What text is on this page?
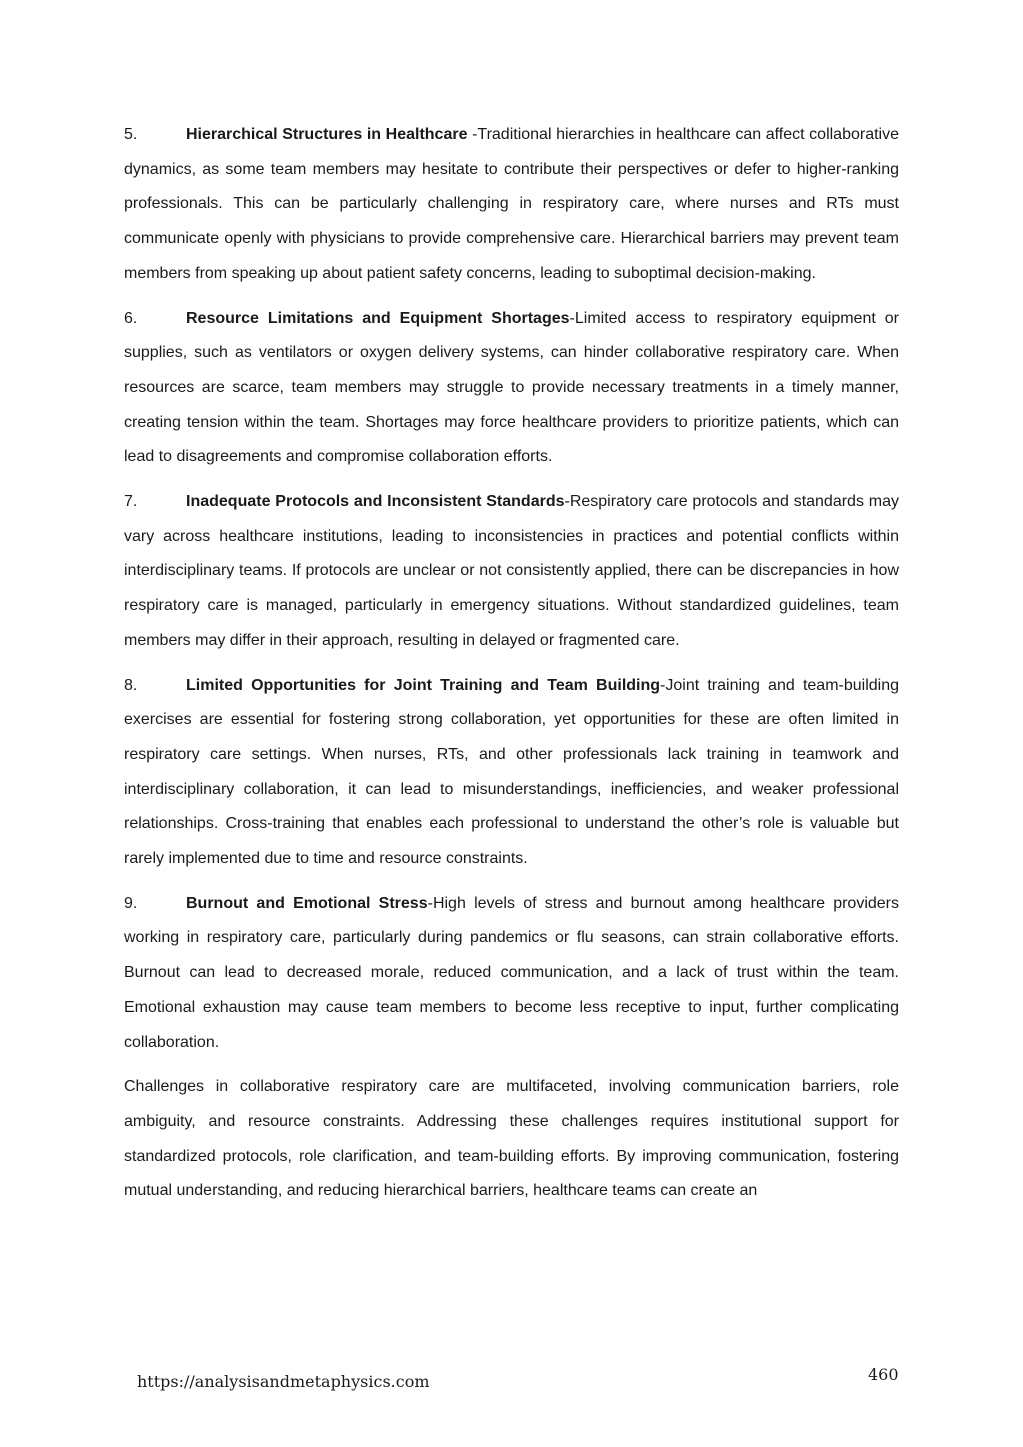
5.	Hierarchical Structures in Healthcare -Traditional hierarchies in healthcare can affect collaborative dynamics, as some team members may hesitate to contribute their perspectives or defer to higher-ranking professionals. This can be particularly challenging in respiratory care, where nurses and RTs must communicate openly with physicians to provide comprehensive care. Hierarchical barriers may prevent team members from speaking up about patient safety concerns, leading to suboptimal decision-making.

6.	Resource Limitations and Equipment Shortages-Limited access to respiratory equipment or supplies, such as ventilators or oxygen delivery systems, can hinder collaborative respiratory care. When resources are scarce, team members may struggle to provide necessary treatments in a timely manner, creating tension within the team. Shortages may force healthcare providers to prioritize patients, which can lead to disagreements and compromise collaboration efforts.

7.	Inadequate Protocols and Inconsistent Standards-Respiratory care protocols and standards may vary across healthcare institutions, leading to inconsistencies in practices and potential conflicts within interdisciplinary teams. If protocols are unclear or not consistently applied, there can be discrepancies in how respiratory care is managed, particularly in emergency situations. Without standardized guidelines, team members may differ in their approach, resulting in delayed or fragmented care.

8.	Limited Opportunities for Joint Training and Team Building-Joint training and team-building exercises are essential for fostering strong collaboration, yet opportunities for these are often limited in respiratory care settings. When nurses, RTs, and other professionals lack training in teamwork and interdisciplinary collaboration, it can lead to misunderstandings, inefficiencies, and weaker professional relationships. Cross-training that enables each professional to understand the other’s role is valuable but rarely implemented due to time and resource constraints.

9.	Burnout and Emotional Stress-High levels of stress and burnout among healthcare providers working in respiratory care, particularly during pandemics or flu seasons, can strain collaborative efforts. Burnout can lead to decreased morale, reduced communication, and a lack of trust within the team. Emotional exhaustion may cause team members to become less receptive to input, further complicating collaboration.

Challenges in collaborative respiratory care are multifaceted, involving communication barriers, role ambiguity, and resource constraints. Addressing these challenges requires institutional support for standardized protocols, role clarification, and team-building efforts. By improving communication, fostering mutual understanding, and reducing hierarchical barriers, healthcare teams can create an

https://analysisandmetaphysics.com	460
